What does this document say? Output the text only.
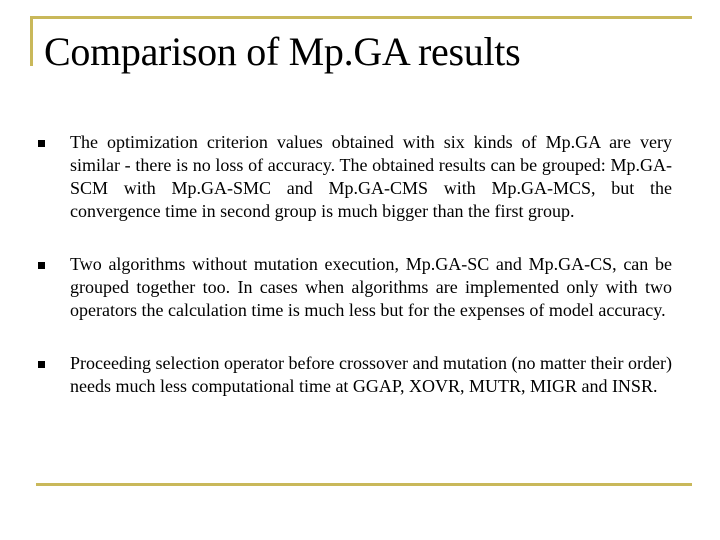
Comparison of Mp.GA results
The optimization criterion values obtained with six kinds of Mp.GA are very similar - there is no loss of accuracy. The obtained results can be grouped: Mp.GA-SCM with Mp.GA-SMC and Mp.GA-CMS with Mp.GA-MCS, but the convergence time in second group is much bigger than the first group.
Two algorithms without mutation execution, Mp.GA-SC and Mp.GA-CS, can be grouped together too. In cases when algorithms are implemented only with two operators the calculation time is much less but for the expenses of model accuracy.
Proceeding selection operator before crossover and mutation (no matter their order) needs much less computational time at GGAP, XOVR, MUTR, MIGR and INSR.
